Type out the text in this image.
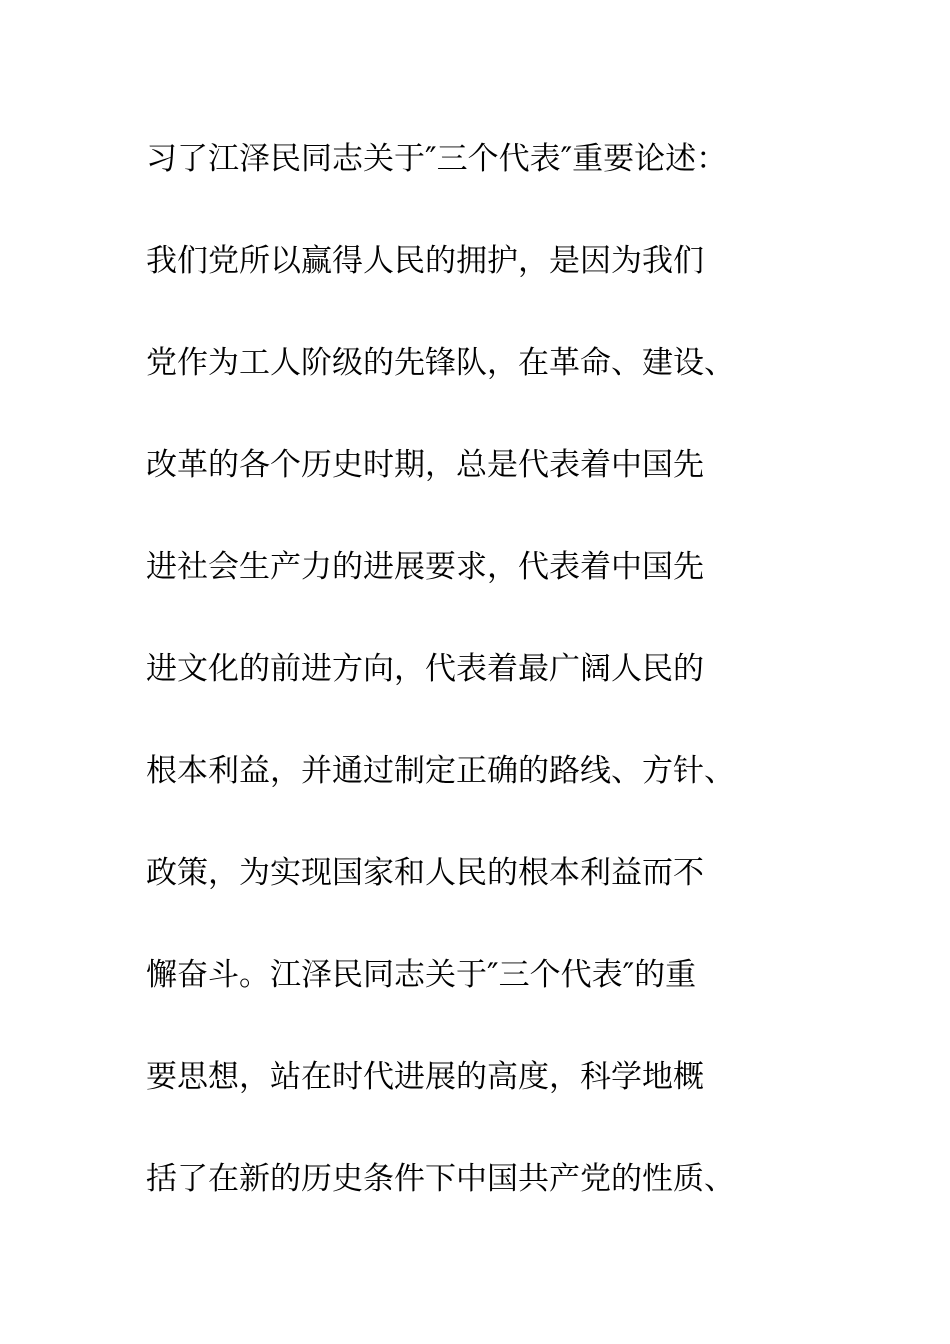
习了江泽民同志关于″三个代表″重要论述：
我们党所以赢得人民的拥护，是因为我们
党作为工人阶级的先锋队，在革命、建设、
改革的各个历史时期，总是代表着中国先
进社会生产力的进展要求，代表着中国先
进文化的前进方向，代表着最广阔人民的
根本利益，并通过制定正确的路线、方针、
政策，为实现国家和人民的根本利益而不
懈奋斗。江泽民同志关于″三个代表″的重
要思想，站在时代进展的高度，科学地概
括了在新的历史条件下中国共产党的性质、
